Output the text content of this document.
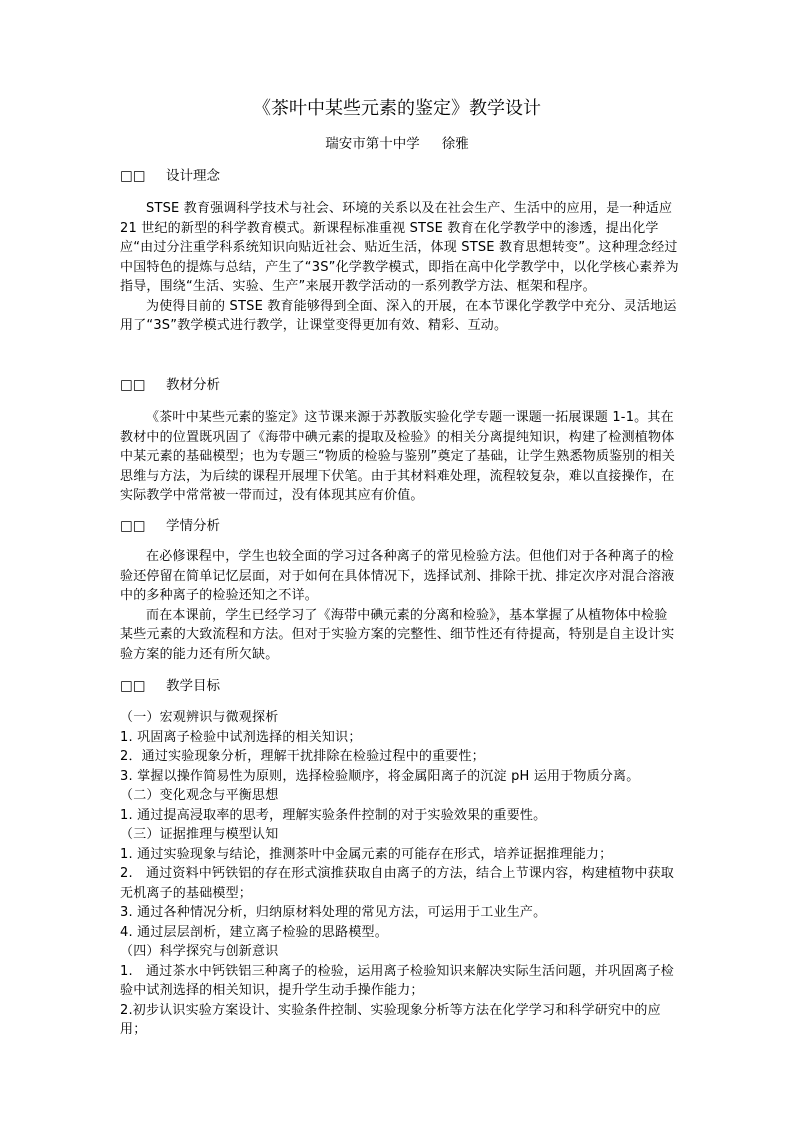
《茶叶中某些元素的鉴定》教学设计
瑞安市第十中学 徐雅
□□ 设计理念

STSE 教育强调科学技术与社会、环境的关系以及在社会生产、生活中的应用，是一种适应 21 世纪的新型的科学教育模式。新课程标准重视 STSE 教育在化学教学中的渗透，提出化学应“由过分注重学科系统知识向贴近社会、贴近生活，体现 STSE 教育思想转变”。这种理念经过中国特色的提炼与总结，产生了“3S”化学教学模式，即指在高中化学教学中，以化学核心素养为指导，围绕“生活、实验、生产”来展开教学活动的一系列教学方法、框架和程序。

为使得目前的 STSE 教育能够得到全面、深入的开展，在本节课化学教学中充分、灵活地运用了“3S”教学模式进行教学，让课堂变得更加有效、精彩、互动。

□□ 教材分析

《茶叶中某些元素的鉴定》这节课来源于苏教版实验化学专题一课题一拓展课题 1-1。其在教材中的位置既巩固了《海带中碘元素的提取及检验》的相关分离提纯知识，构建了检测植物体中某元素的基础模型；也为专题三“物质的检验与鉴别”奠定了基础，让学生熟悉物质鉴别的相关思维与方法，为后续的课程开展埋下伏笔。由于其材料难处理，流程较复杂，难以直接操作，在实际教学中常常被一带而过，没有体现其应有价值。

□□ 学情分析

在必修课程中，学生也较全面的学习过各种离子的常见检验方法。但他们对于各种离子的检验还停留在简单记忆层面，对于如何在具体情况下，选择试剂、排除干扰、排定次序对混合溶液中的多种离子的检验还知之不详。

而在本课前，学生已经学习了《海带中碘元素的分离和检验》，基本掌握了从植物体中检验某些元素的大致流程和方法。但对于实验方案的完整性、细节性还有待提高，特别是自主设计实验方案的能力还有所欠缺。

□□ 教学目标

（一）宏观辨识与微观探析

1. 巩固离子检验中试剂选择的相关知识；

2．通过实验现象分析，理解干扰排除在检验过程中的重要性；

3. 掌握以操作简易性为原则，选择检验顺序，将金属阳离子的沉淀 pH 运用于物质分离。

（二）变化观念与平衡思想

1. 通过提高浸取率的思考，理解实验条件控制的对于实验效果的重要性。

（三）证据推理与模型认知

1. 通过实验现象与结论，推测茶叶中金属元素的可能存在形式，培养证据推理能力；

2.　通过资料中钙铁铝的存在形式演推获取自由离子的方法，结合上节课内容，构建植物中获取无机离子的基础模型；

3. 通过各种情况分析，归纳原材料处理的常见方法，可运用于工业生产。

4. 通过层层剖析，建立离子检验的思路模型。

（四）科学探究与创新意识

1.　通过茶水中钙铁铝三种离子的检验，运用离子检验知识来解决实际生活问题，并巩固离子检验中试剂选择的相关知识，提升学生动手操作能力；

2.初步认识实验方案设计、实验条件控制、实验现象分析等方法在化学学习和科学研究中的应用；
